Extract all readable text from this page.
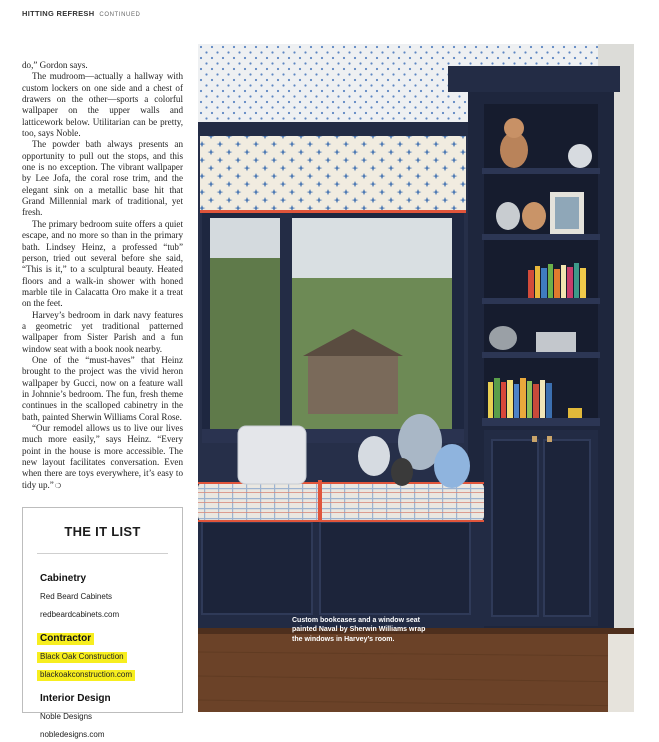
HITTING REFRESH CONTINUED

do,” Gordon says.

The mudroom—actually a hallway with custom lockers on one side and a chest of drawers on the other—sports a colorful wallpaper on the upper walls and latticework below. Utilitarian can be pretty, too, says Noble.

The powder bath always presents an opportunity to pull out the stops, and this one is no exception. The vibrant wallpaper by Lee Jofa, the coral rose trim, and the elegant sink on a metallic base hit that Grand Millennial mark of traditional, yet fresh.

The primary bedroom suite offers a quiet escape, and no more so than in the primary bath. Lindsey Heinz, a professed “tub” person, tried out several before she said, “This is it,” to a sculptural beauty. Heated floors and a walk-in shower with honed marble tile in Calacatta Oro make it a treat on the feet.

Harvey’s bedroom in dark navy features a geometric yet traditional patterned wallpaper from Sister Parish and a fun window seat with a book nook nearby.

One of the “must-haves” that Heinz brought to the project was the vivid heron wallpaper by Gucci, now on a feature wall in Johnnie’s bedroom. The fun, fresh theme continues in the scalloped cabinetry in the bath, painted Sherwin Williams Coral Rose.

“Our remodel allows us to live our lives much more easily,” says Heinz. “Every point in the house is more accessible. The new layout facilitates conversation. Even when there are toys everywhere, it’s easy to tidy up.”❍

THE IT LIST
Cabinetry
Red Beard Cabinets
redbeardcabinets.com
Contractor
Black Oak Construction
blackoakconstruction.com
Interior Design
Noble Designs
nobledesigns.com
Custom bookcases and a window seat painted Naval by Sherwin Williams wrap the windows in Harvey’s room.
